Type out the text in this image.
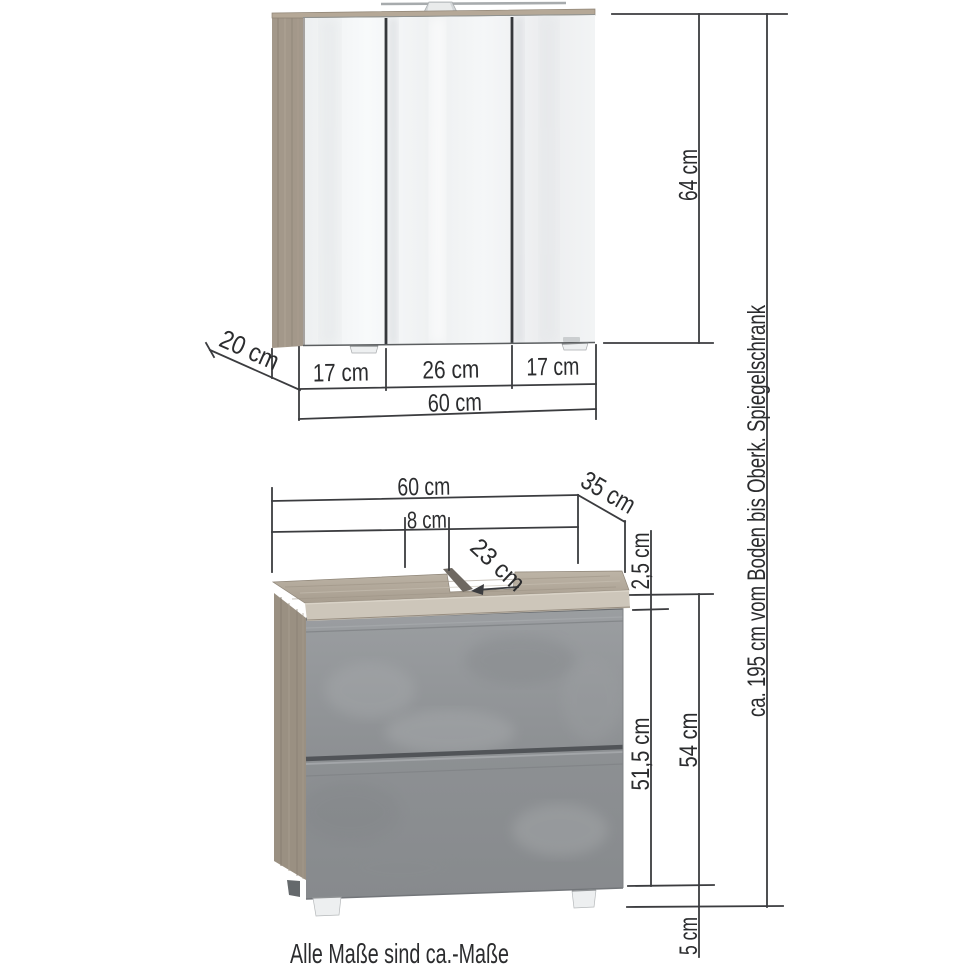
17 cm 26 cm 17 cm
60 cm
20 cm
64 cm
60 cm
8 cm	35 cm
23 cm	2,5 cm
51,5 cm 54 cm
5 cm
ca. 195 cm vom Boden bis Oberk. Spiegelschrank
Alle Maße sind ca.-Maße
